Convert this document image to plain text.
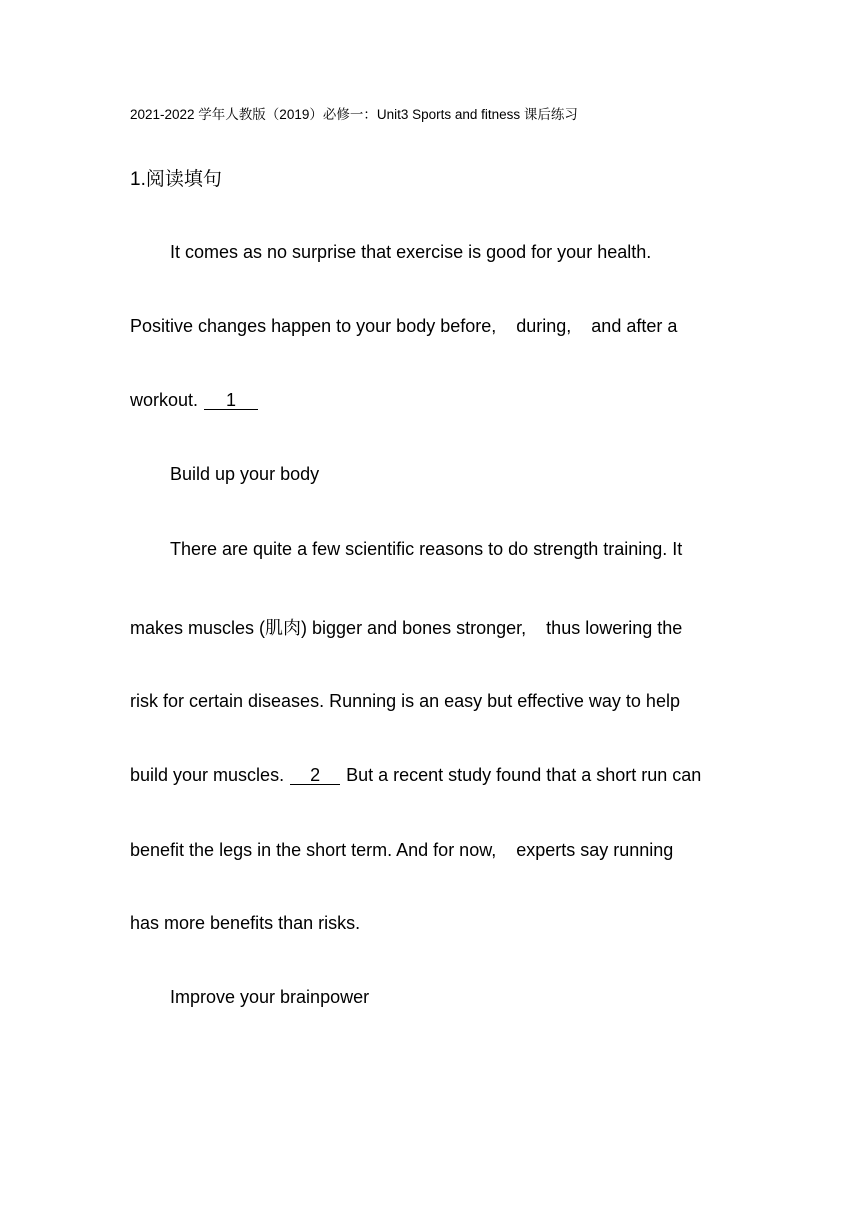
2021-2022 学年人教版（2019）必修一：Unit3 Sports and fitness 课后练习
1.阅读填句
It comes as no surprise that exercise is good for your health.
Positive changes happen to your body before,    during,    and after a
workout. 1
Build up your body
There are quite a few scientific reasons to do strength training. It
makes muscles (肌肉) bigger and bones stronger,    thus lowering the
risk for certain diseases. Running is an easy but effective way to help
build your muscles. 2 But a recent study found that a short run can
benefit the legs in the short term. And for now,    experts say running
has more benefits than risks.
Improve your brainpower
